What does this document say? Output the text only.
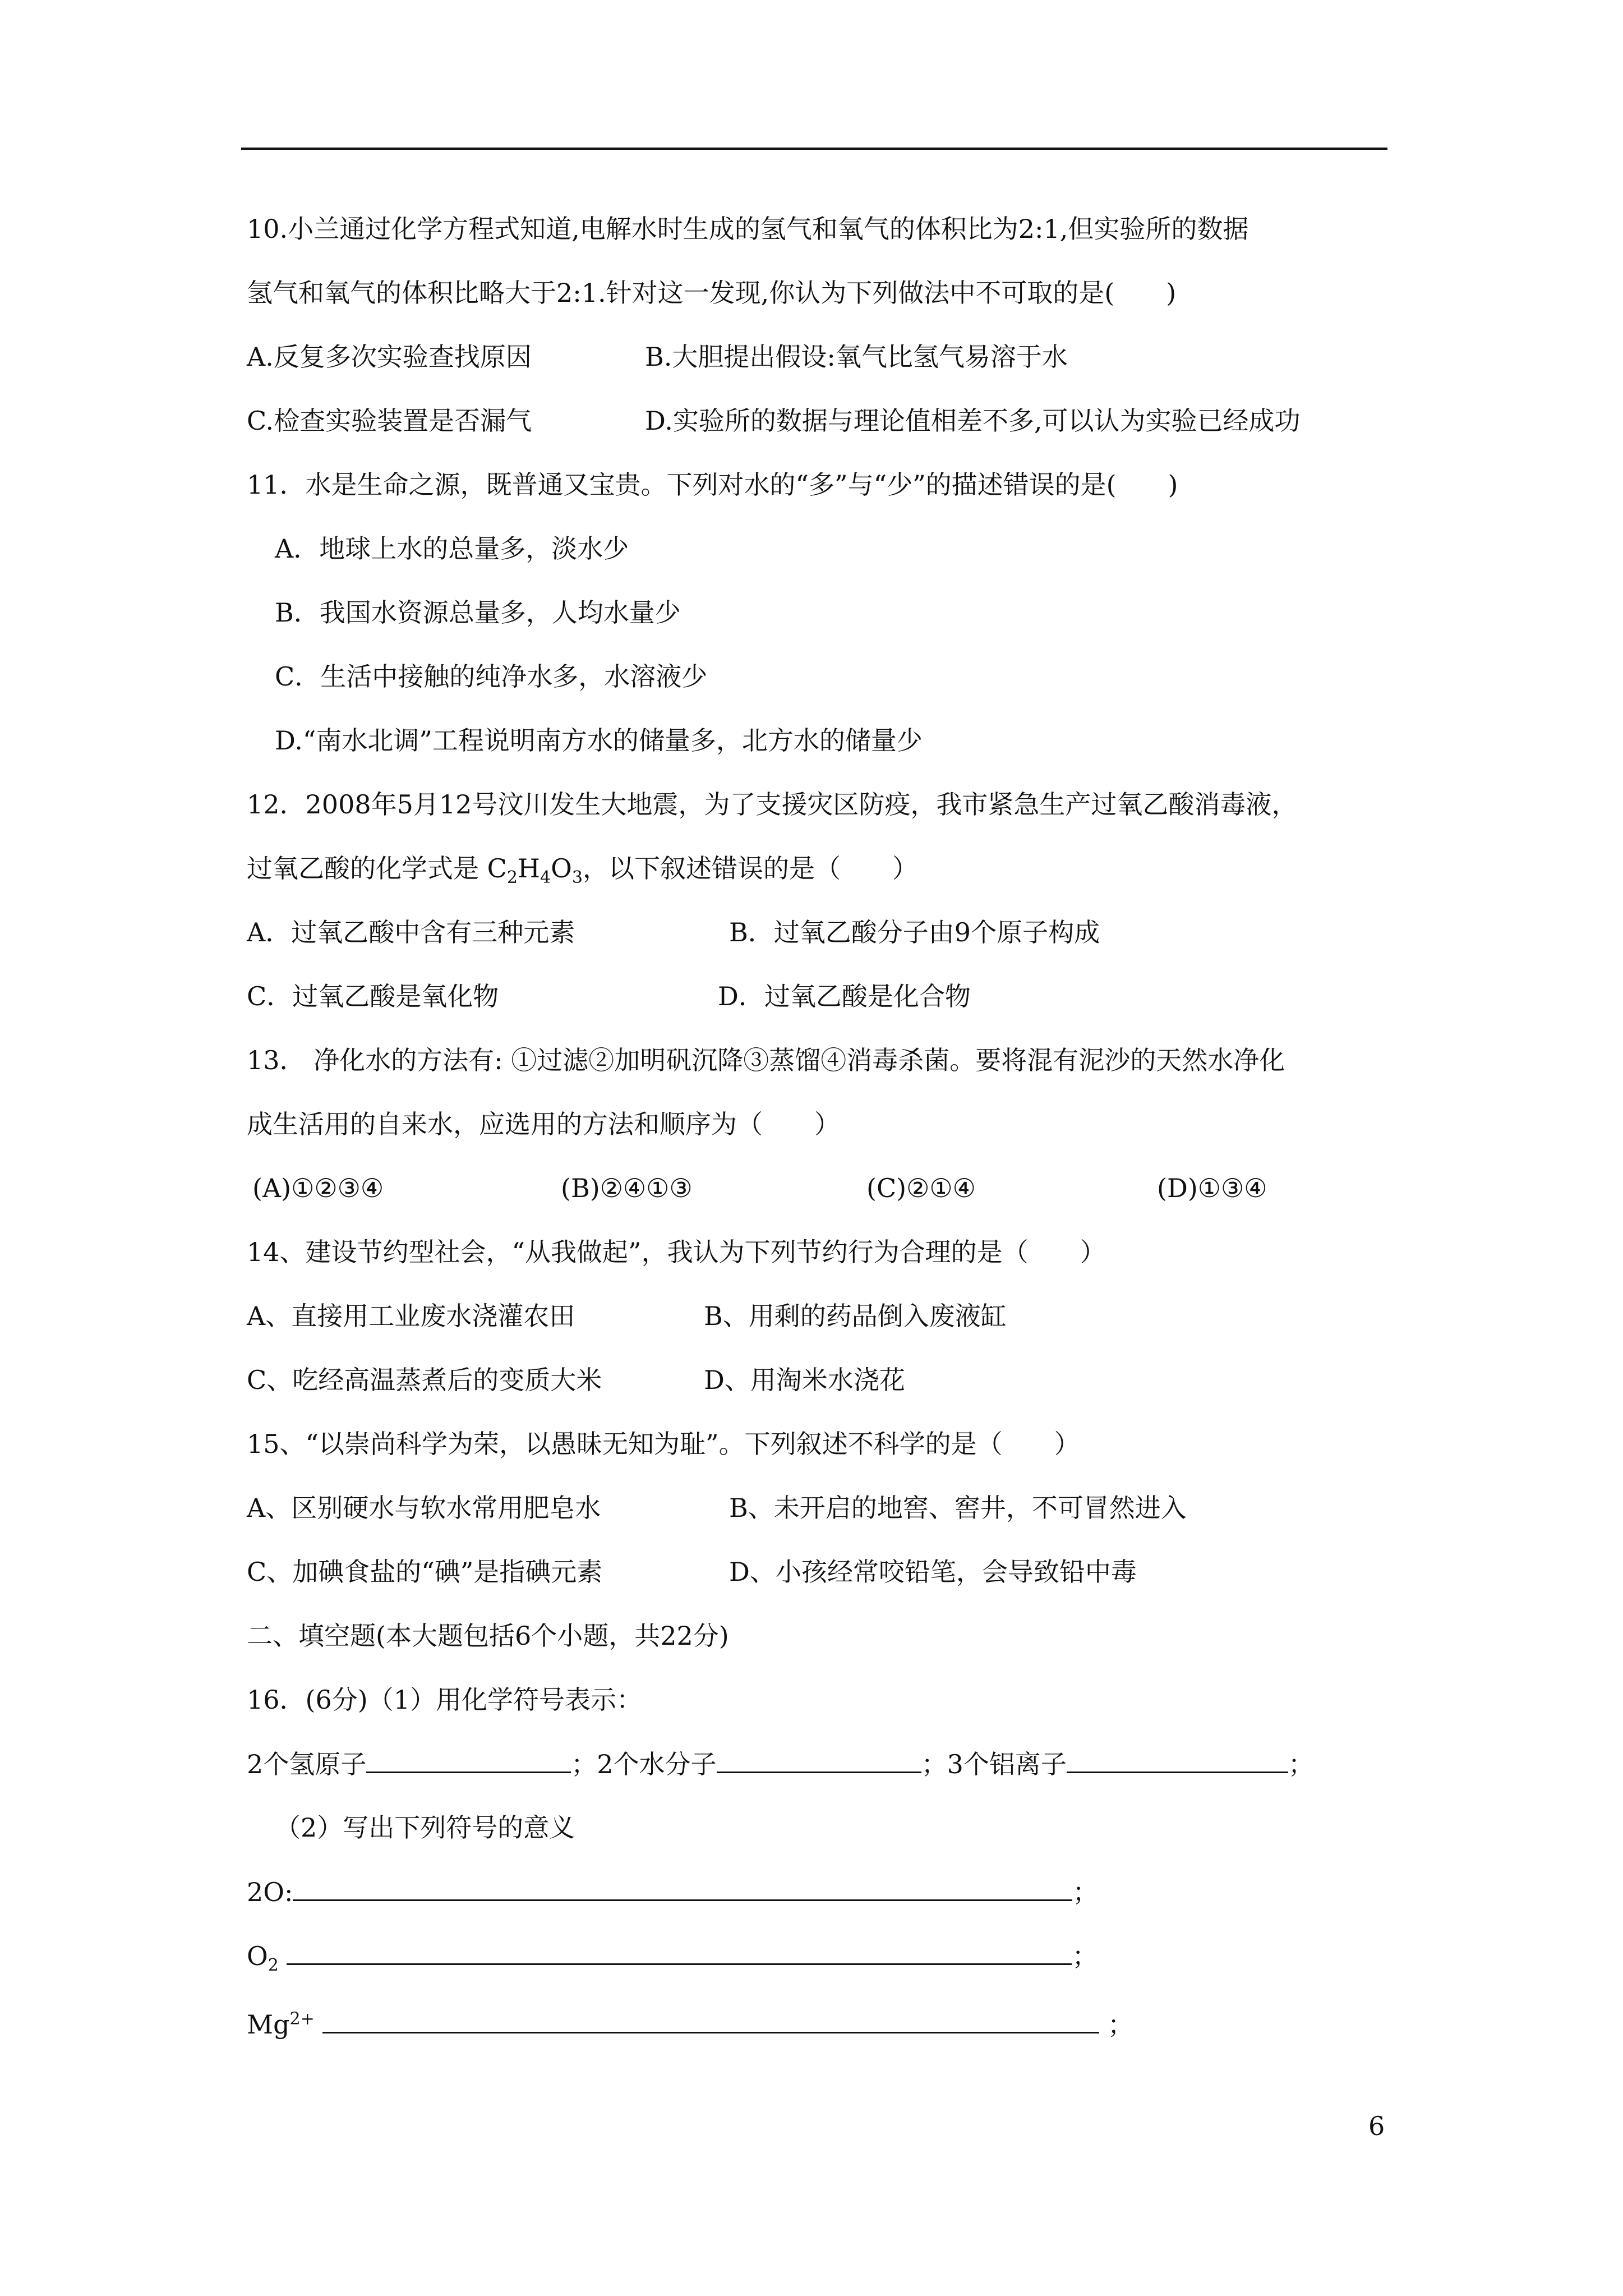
10.小兰通过化学方程式知道,电解水时生成的氢气和氧气的体积比为2:1,但实验所的数据
氢气和氧气的体积比略大于2:1.针对这一发现,你认为下列做法中不可取的是(　　)
A.反复多次实验查找原因	B.大胆提出假设:氧气比氢气易溶于水
C.检查实验装置是否漏气	D.实验所的数据与理论值相差不多,可以认为实验已经成功
11．水是生命之源，既普通又宝贵。下列对水的“多”与“少”的描述错误的是(　　)
A．地球上水的总量多，淡水少
B．我国水资源总量多，人均水量少
C．生活中接触的纯净水多，水溶液少
D.“南水北调”工程说明南方水的储量多，北方水的储量少
12．2008年5月12号汶川发生大地震，为了支援灾区防疫，我市紧急生产过氧乙酸消毒液，
过氧乙酸的化学式是 $C_2H_4O_3$，以下叙述错误的是（　　）
A．过氧乙酸中含有三种元素	B．过氧乙酸分子由9个原子构成
C．过氧乙酸是氧化物	D．过氧乙酸是化合物
13． 净化水的方法有: ①过滤②加明矾沉降③蒸馏④消毒杀菌。要将混有泥沙的天然水净化
成生活用的自来水，应选用的方法和顺序为（　　）
(A)①②③④	(B)②④①③	(C)②①④	(D)①③④
14、建设节约型社会，“从我做起”，我认为下列节约行为合理的是（　　）
A、直接用工业废水浇灌农田	B、用剩的药品倒入废液缸
C、吃经高温蒸煮后的变质大米	D、用淘米水浇花
15、“以崇尚科学为荣，以愚昧无知为耻”。下列叙述不科学的是（　　）
A、区别硬水与软水常用肥皂水	B、未开启的地窖、窖井，不可冒然进入
C、加碘食盐的“碘”是指碘元素	D、小孩经常咬铅笔，会导致铅中毒
二、填空题(本大题包括6个小题，共22分)
16．(6分)（1）用化学符号表示：
2个氢原子	；2个水分子	；3个铝离子	；
（2）写出下列符号的意义
2O:	；
$O_2$	；
$Mg^{2+}$	；
6
